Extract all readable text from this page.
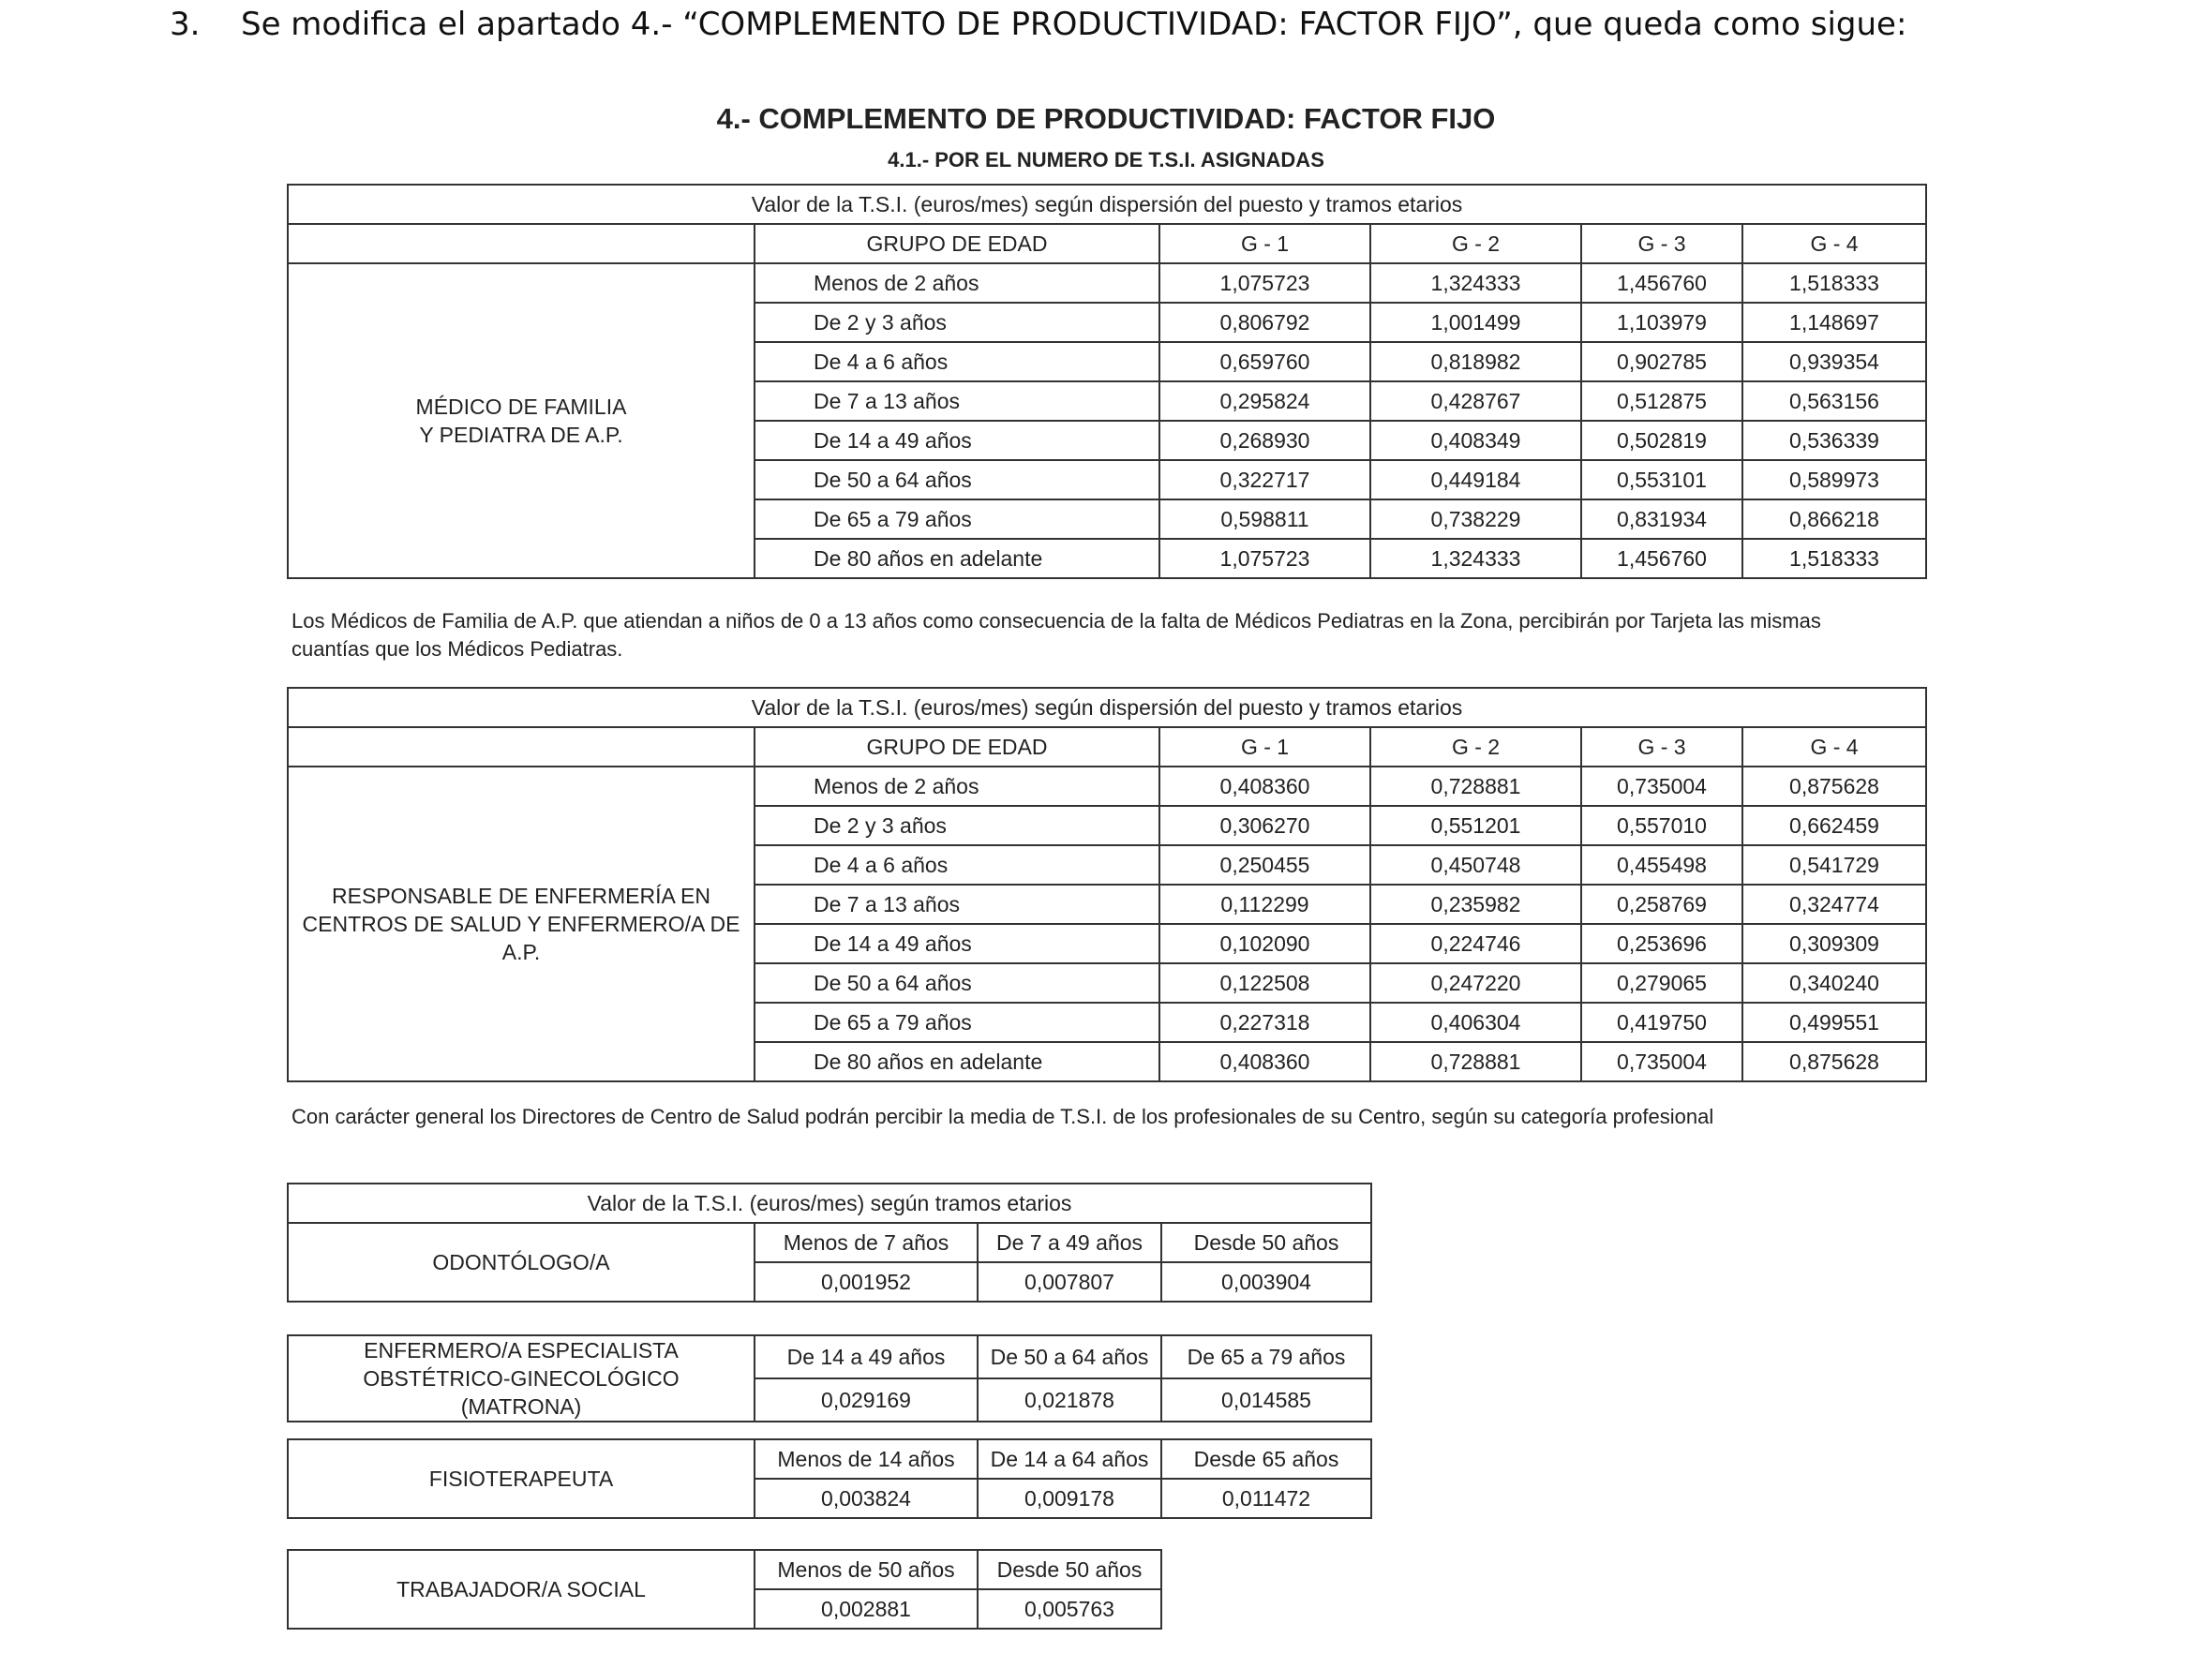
3. Se modifica el apartado 4.- “COMPLEMENTO DE PRODUCTIVIDAD: FACTOR FIJO”, que queda como sigue:

4.- COMPLEMENTO DE PRODUCTIVIDAD: FACTOR FIJO
4.1.- POR EL NUMERO DE T.S.I. ASIGNADAS
Valor de la T.S.I. (euros/mes) según dispersión del puesto y tramos etarios					
	GRUPO DE EDAD	G - 1	G - 2	G - 3	G - 4

MÉDICO DE FAMILIA
Y PEDIATRA DE A.P.	Menos de 2 años	1,075723	1,324333	1,456760	1,518333
	De 2 y 3 años	0,806792	1,001499	1,103979	1,148697
	De 4 a 6 años	0,659760	0,818982	0,902785	0,939354
	De 7 a 13 años	0,295824	0,428767	0,512875	0,563156
	De 14 a 49 años	0,268930	0,408349	0,502819	0,536339
	De 50 a 64 años	0,322717	0,449184	0,553101	0,589973
	De 65 a 79 años	0,598811	0,738229	0,831934	0,866218
	De 80 años en adelante	1,075723	1,324333	1,456760	1,518333

Los Médicos de Familia de A.P. que atiendan a niños de 0 a 13 años como consecuencia de la falta de Médicos Pediatras en la Zona, percibirán por Tarjeta las mismas cuantías que los Médicos Pediatras.

Valor de la T.S.I. (euros/mes) según dispersión del puesto y tramos etarios					
	GRUPO DE EDAD	G - 1	G - 2	G - 3	G - 4

RESPONSABLE DE ENFERMERÍA EN
CENTROS DE SALUD Y ENFERMERO/A DE
A.P.	Menos de 2 años	0,408360	0,728881	0,735004	0,875628
	De 2 y 3 años	0,306270	0,551201	0,557010	0,662459
	De 4 a 6 años	0,250455	0,450748	0,455498	0,541729
	De 7 a 13 años	0,112299	0,235982	0,258769	0,324774
	De 14 a 49 años	0,102090	0,224746	0,253696	0,309309
	De 50 a 64 años	0,122508	0,247220	0,279065	0,340240
	De 65 a 79 años	0,227318	0,406304	0,419750	0,499551
	De 80 años en adelante	0,408360	0,728881	0,735004	0,875628

Con carácter general los Directores de Centro de Salud podrán percibir la media de T.S.I. de los profesionales de su Centro, según su categoría profesional

Valor de la T.S.I. (euros/mes) según tramos etarios			
ODONTÓLOGO/A	Menos de 7 años	De 7 a 49 años	Desde 50 años
	0,001952	0,007807	0,003904
ENFERMERO/A ESPECIALISTA
OBSTÉTRICO-GINECOLÓGICO
(MATRONA)	De 14 a 49 años	De 50 a 64 años	De 65 a 79 años
	0,029169	0,021878	0,014585
FISIOTERAPEUTA	Menos de 14 años	De 14 a 64 años	Desde 65 años
	0,003824	0,009178	0,011472
TRABAJADOR/A SOCIAL	Menos de 50 años	Desde 50 años
	0,002881	0,005763
